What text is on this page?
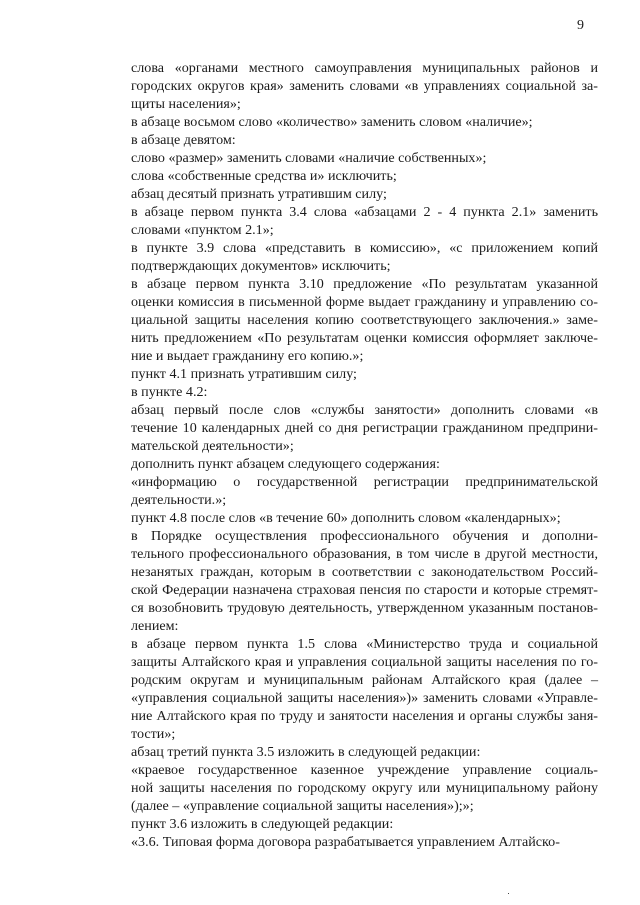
9
слова «органами местного самоуправления муниципальных районов и
городских округов края» заменить словами «в управлениях социальной за-
щиты населения»;
в абзаце восьмом слово «количество» заменить словом «наличие»;
в абзаце девятом:
слово «размер» заменить словами «наличие собственных»;
слова «собственные средства и» исключить;
абзац десятый признать утратившим силу;
в абзаце первом пункта 3.4 слова «абзацами 2 - 4 пункта 2.1» заменить
словами «пунктом 2.1»;
в пункте 3.9 слова «представить в комиссию», «с приложением копий
подтверждающих документов» исключить;
в абзаце первом пункта 3.10 предложение «По результатам указанной
оценки комиссия в письменной форме выдает гражданину и управлению со-
циальной защиты населения копию соответствующего заключения.» заме-
нить предложением «По результатам оценки комиссия оформляет заключе-
ние и выдает гражданину его копию.»;
пункт 4.1 признать утратившим силу;
в пункте 4.2:
абзац первый после слов «службы занятости» дополнить словами «в
течение 10 календарных дней со дня регистрации гражданином предприни-
мательской деятельности»;
дополнить пункт абзацем следующего содержания:
«информацию о государственной регистрации предпринимательской
деятельности.»;
пункт 4.8 после слов «в течение 60» дополнить словом «календарных»;
в Порядке осуществления профессионального обучения и дополни-
тельного профессионального образования, в том числе в другой местности,
незанятых граждан, которым в соответствии с законодательством Россий-
ской Федерации назначена страховая пенсия по старости и которые стремят-
ся возобновить трудовую деятельность, утвержденном указанным постанов-
лением:
в абзаце первом пункта 1.5 слова «Министерство труда и социальной
защиты Алтайского края и управления социальной защиты населения по го-
родским округам и муниципальным районам Алтайского края (далее –
«управления социальной защиты населения»)» заменить словами «Управле-
ние Алтайского края по труду и занятости населения и органы службы заня-
тости»;
абзац третий пункта 3.5 изложить в следующей редакции:
«краевое государственное казенное учреждение управление социаль-
ной защиты населения по городскому округу или муниципальному району
(далее – «управление социальной защиты населения»);»;
пункт 3.6 изложить в следующей редакции:
«3.6. Типовая форма договора разрабатывается управлением Алтайско-
